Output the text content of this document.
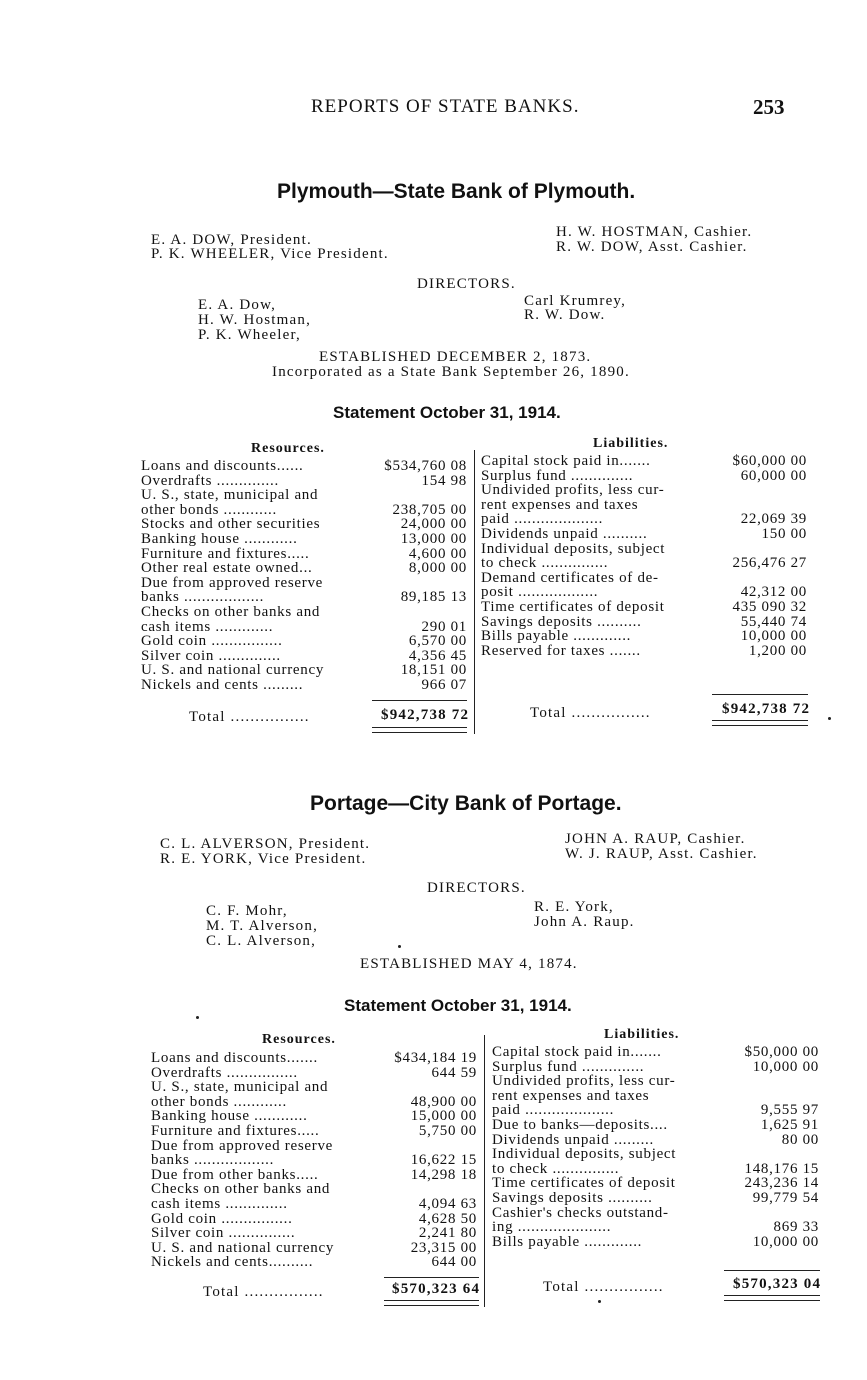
REPORTS OF STATE BANKS.	253
Plymouth—State Bank of Plymouth.
E. A. DOW, President.
P. K. WHEELER, Vice President.
H. W. HOSTMAN, Cashier.
R. W. DOW, Asst. Cashier.
DIRECTORS.
E. A. Dow,
H. W. Hostman,
P. K. Wheeler,
Carl Krumrey,
R. W. Dow.
ESTABLISHED DECEMBER 2, 1873.
Incorporated as a State Bank September 26, 1890.
Statement October 31, 1914.
Resources.	Liabilities.
Loans and discounts......	$534,760 08
Overdrafts ..............	154 98
U. S., state, municipal and
other bonds ............	238,705 00
Stocks and other securities	24,000 00
Banking house ............	13,000 00
Furniture and fixtures.....	4,600 00
Other real estate owned...	8,000 00
Due from approved reserve
banks ..................	89,185 13
Checks on other banks and
cash items .............	290 01
Gold coin ................	6,570 00
Silver coin ..............	4,356 45
U. S. and national currency	18,151 00
Nickels and cents .........	966 07
Capital stock paid in.......	$60,000 00
Surplus fund ..............	60,000 00
Undivided profits, less cur-
rent expenses and taxes
paid ....................	22,069 39
Dividends unpaid ..........	150 00
Individual deposits, subject
to check ...............	256,476 27
Demand certificates of de-
posit ..................	42,312 00
Time certificates of deposit	435 090 32
Savings deposits ..........	55,440 74
Bills payable .............	10,000 00
Reserved for taxes .......	1,200 00
Total ................	$942,738 72	Total ................	$942,738 72
Portage—City Bank of Portage.
C. L. ALVERSON, President.
R. E. YORK, Vice President.
JOHN A. RAUP, Cashier.
W. J. RAUP, Asst. Cashier.
DIRECTORS.
C. F. Mohr,
M. T. Alverson,
C. L. Alverson,
R. E. York,
John A. Raup.
ESTABLISHED MAY 4, 1874.
Statement October 31, 1914.
Resources.	Liabilities.
Loans and discounts.......	$434,184 19
Overdrafts ................	644 59
U. S., state, municipal and
other bonds ............	48,900 00
Banking house ............	15,000 00
Furniture and fixtures.....	5,750 00
Due from approved reserve
banks ..................	16,622 15
Due from other banks.....	14,298 18
Checks on other banks and
cash items ..............	4,094 63
Gold coin ................	4,628 50
Silver coin ...............	2,241 80
U. S. and national currency	23,315 00
Nickels and cents..........	644 00
Capital stock paid in.......	$50,000 00
Surplus fund ..............	10,000 00
Undivided profits, less cur-
rent expenses and taxes
paid ....................	9,555 97
Due to banks—deposits....	1,625 91
Dividends unpaid .........	80 00
Individual deposits, subject
to check ...............	148,176 15
Time certificates of deposit	243,236 14
Savings deposits ..........	99,779 54
Cashier's checks outstand-
ing .....................	869 33
Bills payable .............	10,000 00
Total ................	$570,323 64	Total ................	$570,323 04
